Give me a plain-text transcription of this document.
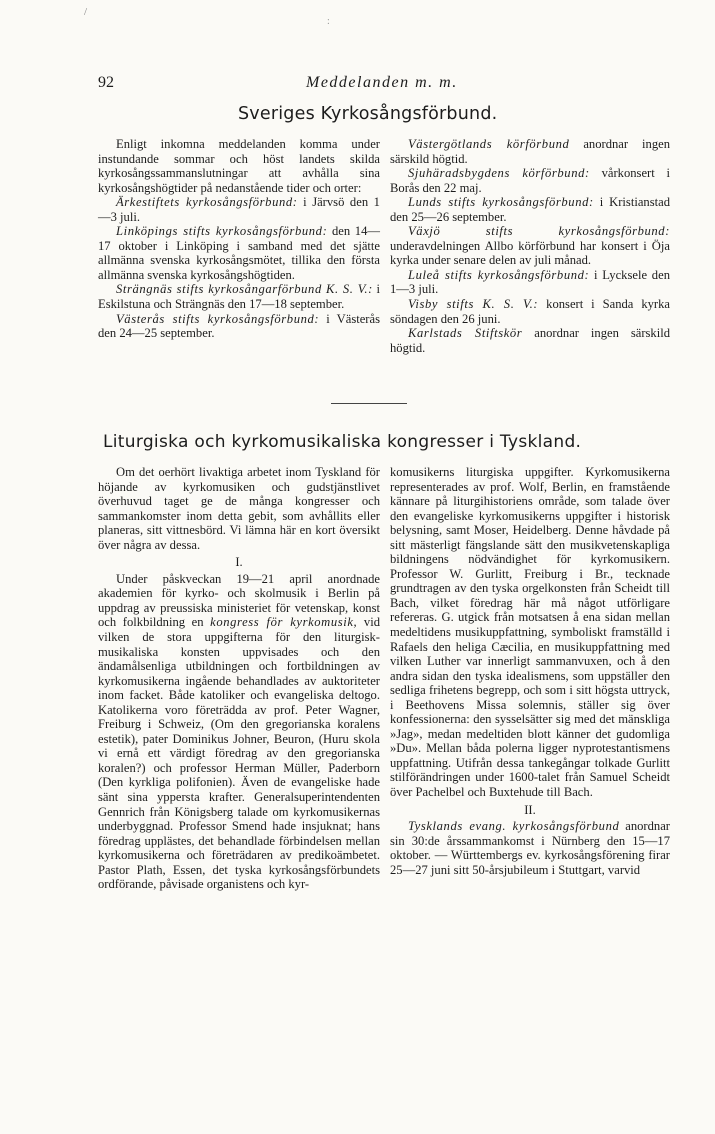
/
:
92	Meddelanden m. m.
Sveriges Kyrkosångsförbund.

Enligt inkomna meddelanden komma under instundande sommar och höst landets skilda kyrkosångssammanslutningar att avhålla sina kyrkosångshögtider på nedanstående tider och orter:

Ärkestiftets kyrkosångsförbund: i Järvsö den 1—3 juli.

Linköpings stifts kyrkosångsförbund: den 14—17 oktober i Linköping i samband med det sjätte allmänna svenska kyrkosångsmötet, tillika den första allmänna svenska kyrkosångshögtiden.

Strängnäs stifts kyrkosångarförbund K. S. V.: i Eskilstuna och Strängnäs den 17—18 september.

Västerås stifts kyrkosångsförbund: i Västerås den 24—25 september.

Västergötlands körförbund anordnar ingen särskild högtid.

Sjuhäradsbygdens körförbund: vårkonsert i Borås den 22 maj.

Lunds stifts kyrkosångsförbund: i Kristianstad den 25—26 september.

Växjö stifts kyrkosångsförbund: underavdelningen Allbo körförbund har konsert i Öja kyrka under senare delen av juli månad.

Luleå stifts kyrkosångsförbund: i Lycksele den 1—3 juli.

Visby stifts K. S. V.: konsert i Sanda kyrka söndagen den 26 juni.

Karlstads Stiftskör anordnar ingen särskild högtid.

Liturgiska och kyrkomusikaliska kongresser i Tyskland.

Om det oerhört livaktiga arbetet inom Tyskland för höjande av kyrkomusiken och gudstjänstlivet överhuvud taget ge de många kongresser och sammankomster inom detta gebit, som avhållits eller planeras, sitt vittnesbörd. Vi lämna här en kort översikt över några av dessa.

I.

Under påskveckan 19—21 april anordnade akademien för kyrko- och skolmusik i Berlin på uppdrag av preussiska ministeriet för vetenskap, konst och folkbildning en kongress för kyrkomusik, vid vilken de stora uppgifterna för den liturgisk-musikaliska konsten uppvisades och den ändamålsenliga utbildningen och fortbildningen av kyrkomusikerna ingående behandlades av auktoriteter inom facket. Både katoliker och evangeliska deltogo. Katolikerna voro företrädda av prof. Peter Wagner, Freiburg i Schweiz, (Om den gregorianska koralens estetik), pater Dominikus Johner, Beuron, (Huru skola vi ernå ett värdigt föredrag av den gregorianska koralen?) och professor Herman Müller, Paderborn (Den kyrkliga polifonien). Även de evangeliske hade sänt sina yppersta krafter. Generalsuperintendenten Gennrich från Königsberg talade om kyrkomusikernas underbyggnad. Professor Smend hade insjuknat; hans föredrag upplästes, det behandlade förbindelsen mellan kyrkomusikerna och företrädaren av predikoämbetet. Pastor Plath, Essen, det tyska kyrkosångsförbundets ordförande, påvisade organistens och kyr-

komusikerns liturgiska uppgifter. Kyrkomusikerna representerades av prof. Wolf, Berlin, en framstående kännare på liturgihistoriens område, som talade över den evangeliske kyrkomusikerns uppgifter i historisk belysning, samt Moser, Heidelberg. Denne håvdade på sitt mästerligt fängslande sätt den musikvetenskapliga bildningens nödvändighet för kyrkomusikern. Professor W. Gurlitt, Freiburg i Br., tecknade grundtragen av den tyska orgelkonsten från Scheidt till Bach, vilket föredrag här må något utförligare refereras. G. utgick från motsatsen å ena sidan mellan medeltidens musikuppfattning, symboliskt framställd i Rafaels den heliga Cæcilia, en musikuppfattning med vilken Luther var innerligt sammanvuxen, och å den andra sidan den tyska idealismens, som uppställer den sedliga frihetens begrepp, och som i sitt högsta uttryck, i Beethovens Missa solemnis, ställer sig över konfessionerna: den sysselsätter sig med det mänskliga »Jag», medan medeltiden blott känner det gudomliga »Du». Mellan båda polerna ligger nyprotestantismens uppfattning. Utifrån dessa tankegångar tolkade Gurlitt stilförändringen under 1600-talet från Samuel Scheidt över Pachelbel och Buxtehude till Bach.

II.

Tysklands evang. kyrkosångsförbund anordnar sin 30:de årssammankomst i Nürnberg den 15—17 oktober. — Württembergs ev. kyrkosångsförening firar 25—27 juni sitt 50-årsjubileum i Stuttgart, varvid
